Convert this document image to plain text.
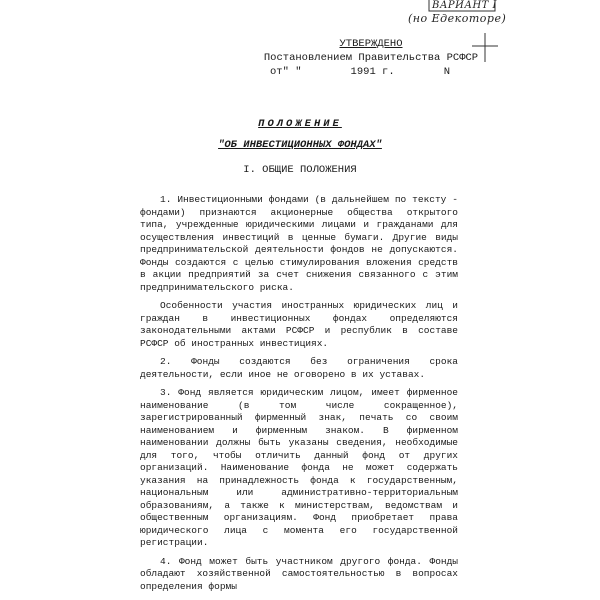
ВАРИАНТ I
(но Едекоторе)
УТВЕРЖДЕНО
Постановлением Правительства РСФСР
от" "	1991 г.	N
ПОЛОЖЕНИЕ
"ОБ ИНВЕСТИЦИОННЫХ ФОНДАХ"
I. ОБЩИЕ ПОЛОЖЕНИЯ

1. Инвестиционными фондами (в дальнейшем по тексту - фондами) признаются акционерные общества открытого типа, учрежденные юридическими лицами и гражданами для осуществления инвестиций в ценные бумаги. Другие виды предпринимательской деятельности фондов не допускаются. Фонды создаются с целью стимулирования вложения средств в акции предприятий за счет снижения связанного с этим предпринимательского риска.

Особенности участия иностранных юридических лиц и граждан в инвестиционных фондах определяются законодательными актами РСФСР и республик в составе РСФСР об иностранных инвестициях.

2. Фонды создаются без ограничения срока деятельности, если иное не оговорено в их уставах.

3. Фонд является юридическим лицом, имеет фирменное наименование (в том числе сокращенное), зарегистрированный фирменный знак, печать со своим наименованием и фирменным знаком. В фирменном наименовании должны быть указаны сведения, необходимые для того, чтобы отличить данный фонд от других организаций. Наименование фонда не может содержать указания на принадлежность фонда к государственным, национальным или административно-территориальным образованиям, а также к министерствам, ведомствам и общественным организациям. Фонд приобретает права юридического лица с момента его государственной регистрации.

4. Фонд может быть участником другого фонда. Фонды обладают хозяйственной самостоятельностью в вопросах определения формы
